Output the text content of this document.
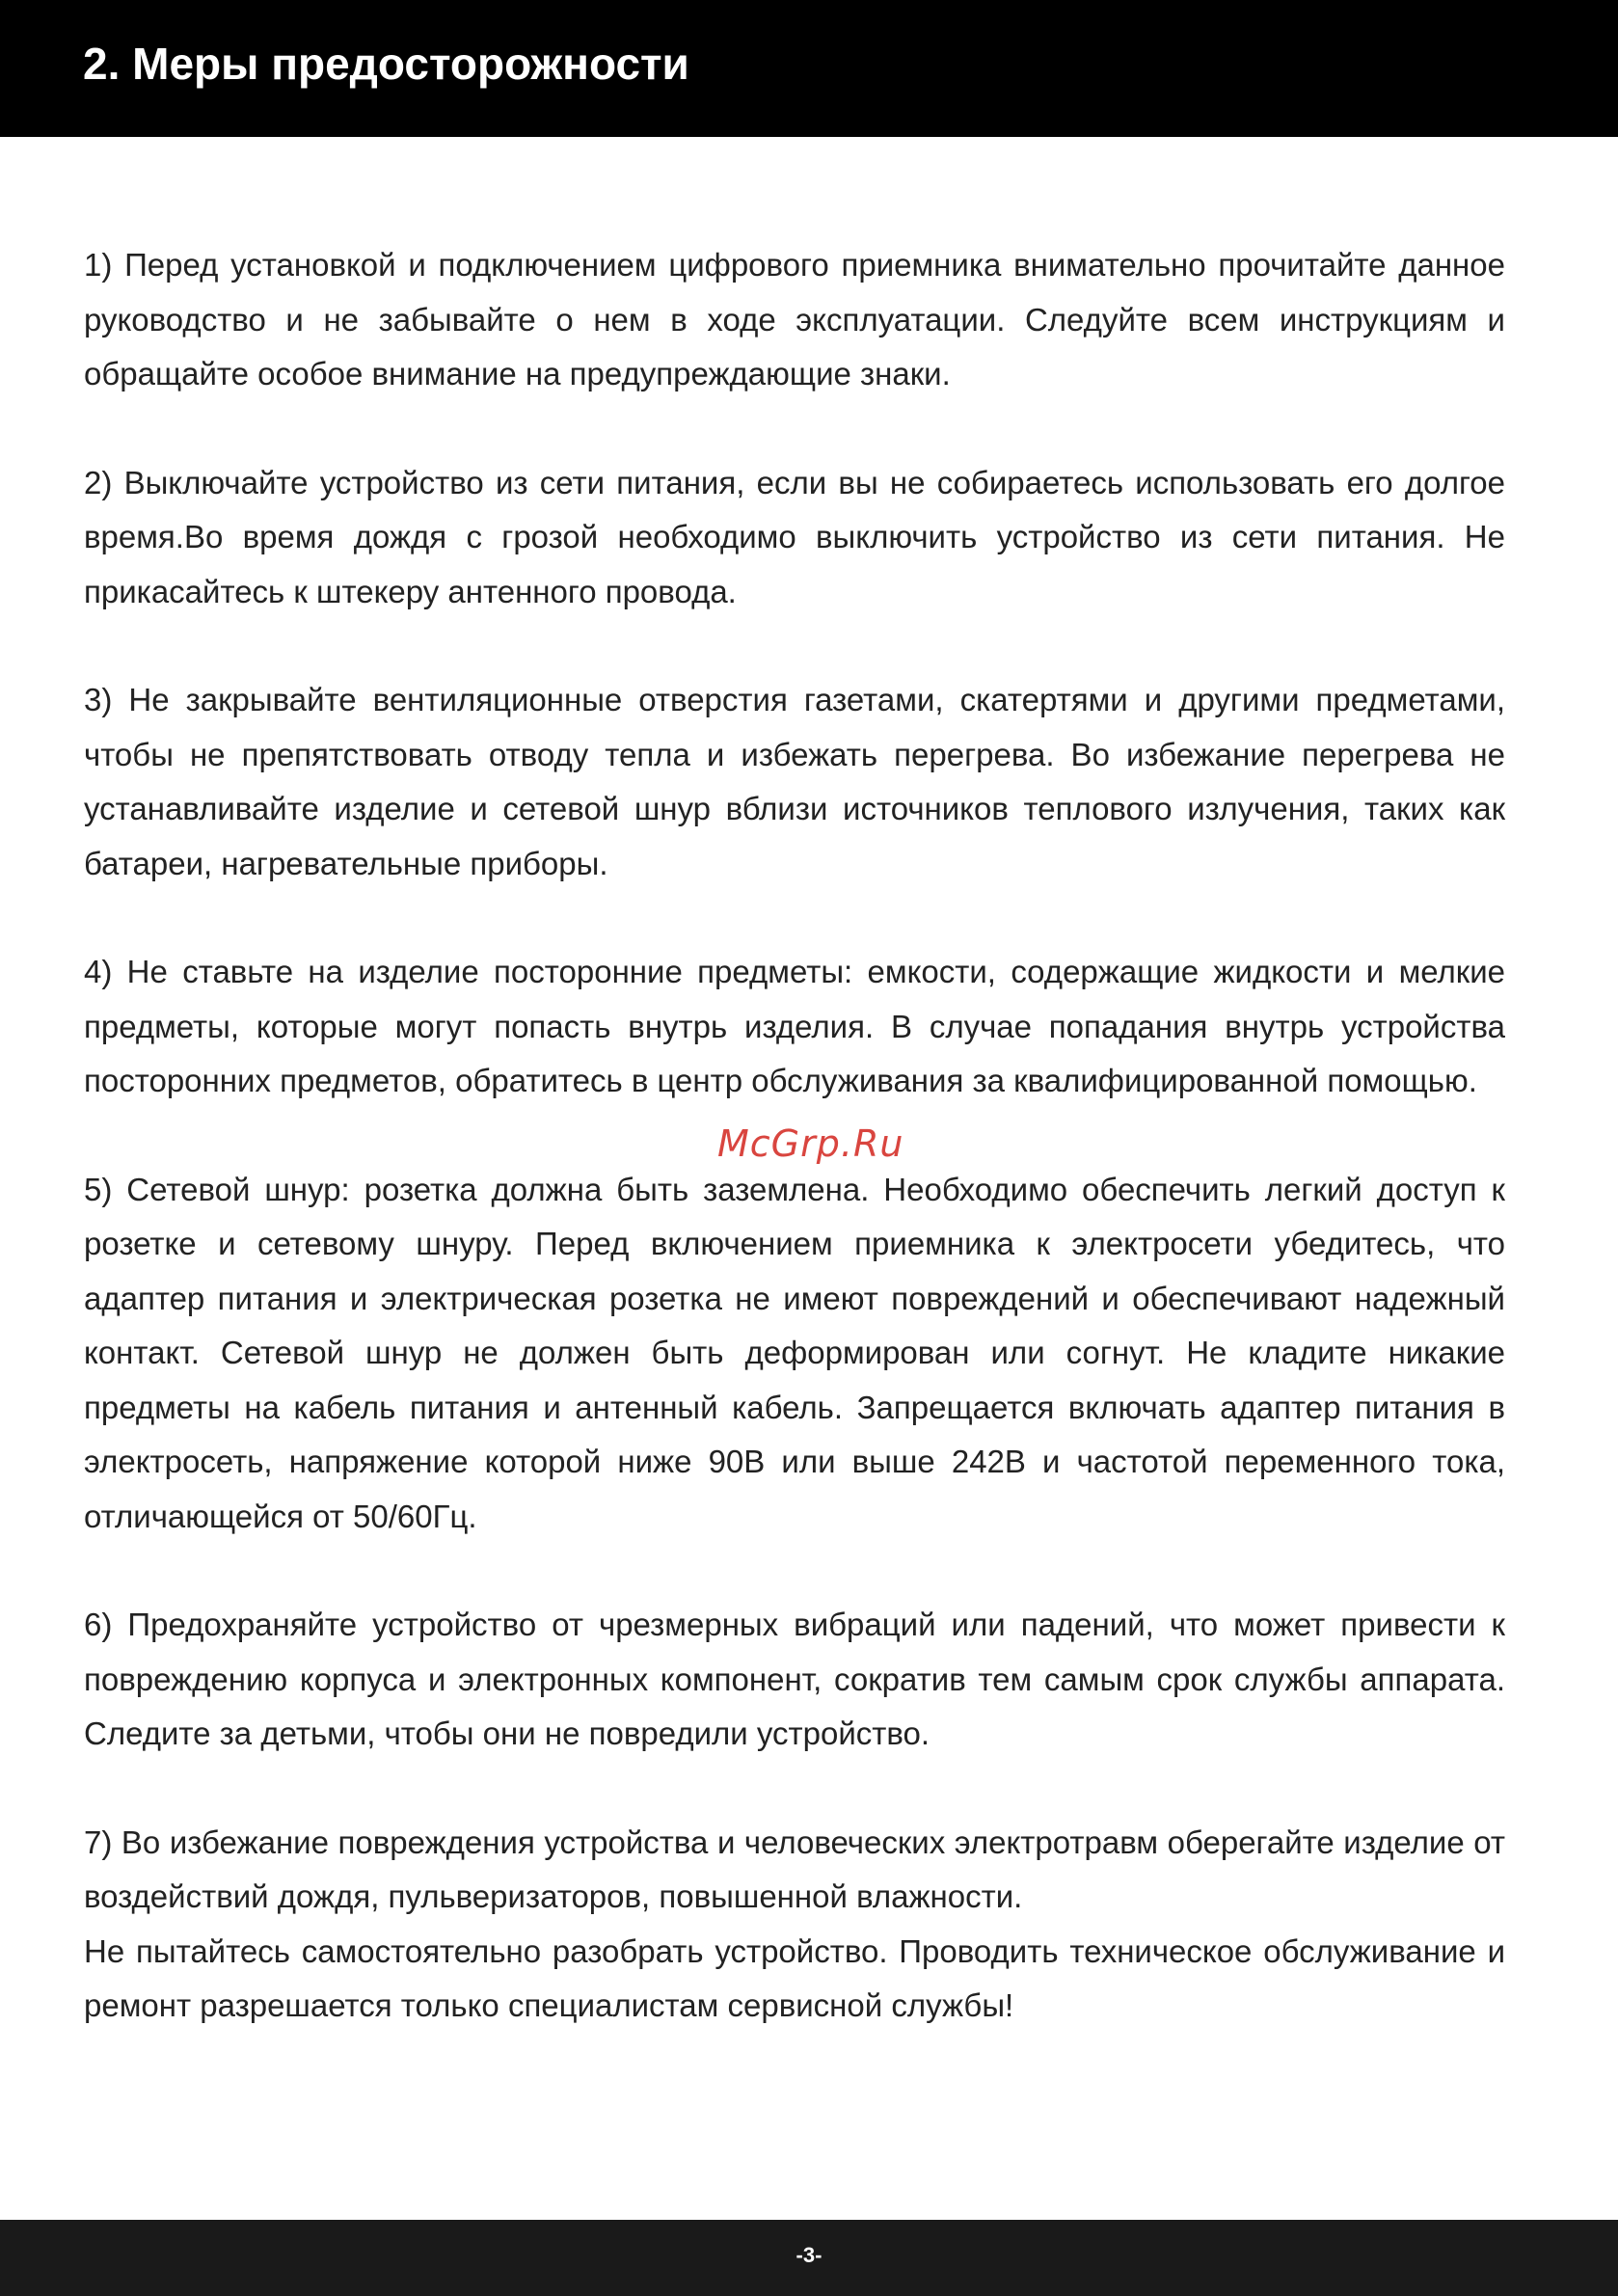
2. Меры предосторожности

1) Перед установкой и подключением цифрового приемника внимательно прочитайте данное руководство и не забывайте о нем в ходе эксплуатации. Следуйте всем инструкциям и обращайте особое внимание на предупреждающие знаки.

2) Выключайте устройство из сети питания, если вы не собираетесь использовать его долгое время.Во время дождя с грозой необходимо выключить устройство из сети питания. Не прикасайтесь к штекеру антенного провода.

3) Не закрывайте вентиляционные отверстия газетами, скатертями и другими предметами, чтобы не препятствовать отводу тепла и избежать перегрева. Во избежание перегрева не устанавливайте изделие и сетевой шнур вблизи источников теплового излучения, таких как батареи, нагревательные приборы.

4) Не ставьте на изделие посторонние предметы: емкости, содержащие жидкости и мелкие предметы, которые могут попасть внутрь изделия. В случае попадания внутрь устройства посторонних предметов, обратитесь в центр обслуживания за квалифицированной помощью.

5) Сетевой шнур: розетка должна быть заземлена. Необходимо обеспечить легкий доступ к розетке и сетевому шнуру. Перед включением приемника к электросети убедитесь, что адаптер питания и электрическая розетка не имеют повреждений и обеспечивают надежный контакт. Сетевой шнур не должен быть деформирован или согнут. Не кладите никакие предметы на кабель питания и антенный кабель. Запрещается включать адаптер питания в электросеть, напряжение которой ниже 90В или выше 242В и частотой переменного тока, отличающейся от 50/60Гц.

6) Предохраняйте устройство от чрезмерных вибраций или падений, что может привести к повреждению корпуса и электронных компонент, сократив тем самым срок службы аппарата. Следите за детьми, чтобы они не повредили устройство.

7) Во избежание повреждения устройства и человеческих электротравм оберегайте изделие от воздействий дождя, пульверизаторов, повышенной влажности.
Не пытайтесь самостоятельно разобрать устройство. Проводить техническое обслуживание и ремонт разрешается только специалистам сервисной службы!

McGrp.Ru
-3-
